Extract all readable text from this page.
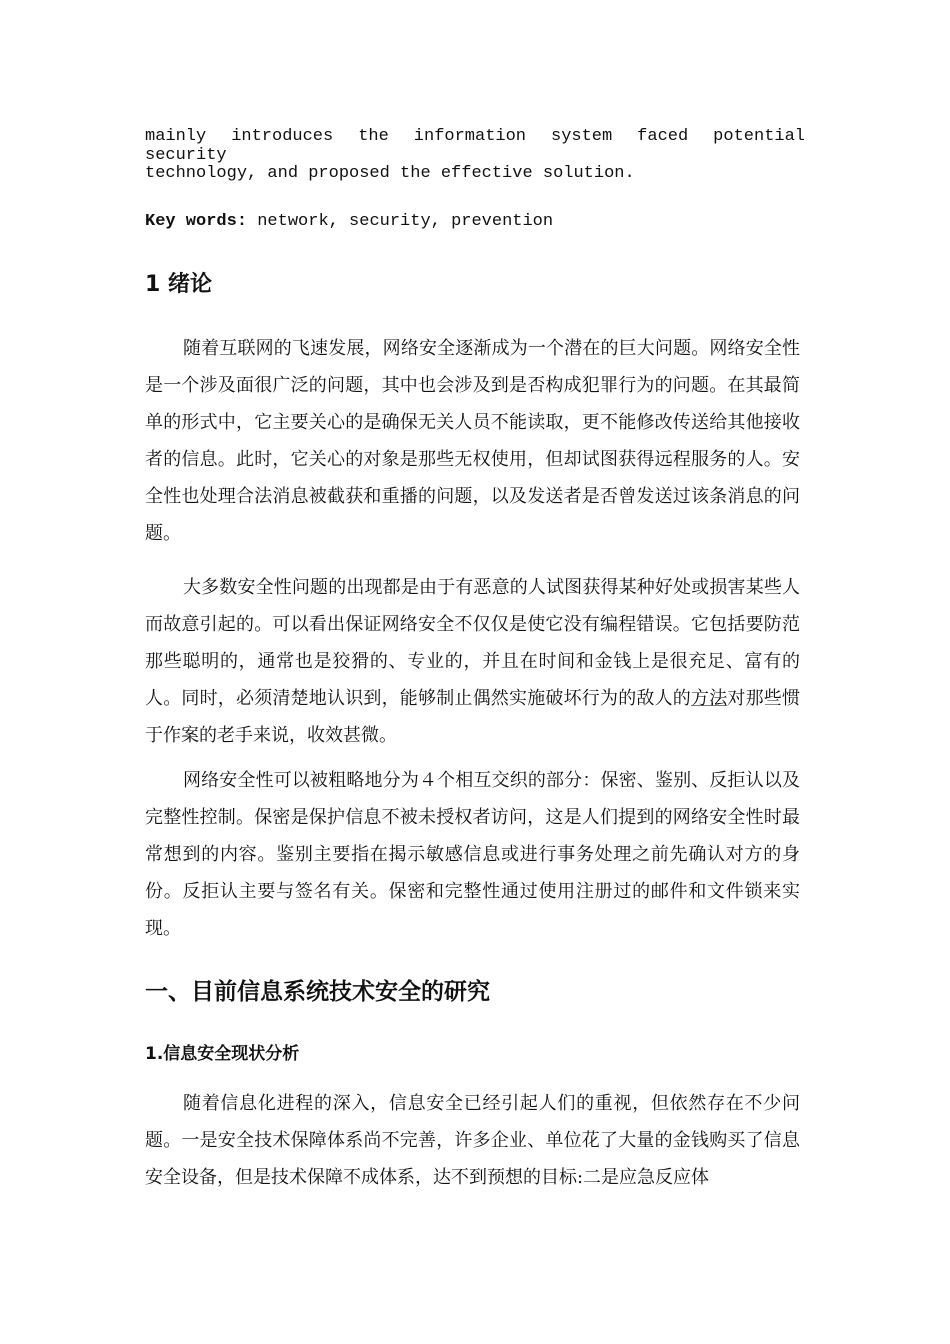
mainly introduces the information system faced potential security

technology, and proposed the effective solution.

Key words: network, security, prevention

1 绪论

随着互联网的飞速发展，网络安全逐渐成为一个潜在的巨大问题。网络安全性是一个涉及面很广泛的问题，其中也会涉及到是否构成犯罪行为的问题。在其最简单的形式中，它主要关心的是确保无关人员不能读取，更不能修改传送给其他接收者的信息。此时，它关心的对象是那些无权使用，但却试图获得远程服务的人。安全性也处理合法消息被截获和重播的问题，以及发送者是否曾发送过该条消息的问题。

大多数安全性问题的出现都是由于有恶意的人试图获得某种好处或损害某些人而故意引起的。可以看出保证网络安全不仅仅是使它没有编程错误。它包括要防范那些聪明的，通常也是狡猾的、专业的，并且在时间和金钱上是很充足、富有的人。同时，必须清楚地认识到，能够制止偶然实施破坏行为的敌人的方法对那些惯于作案的老手来说，收效甚微。

网络安全性可以被粗略地分为４个相互交织的部分：保密、鉴别、反拒认以及完整性控制。保密是保护信息不被未授权者访问，这是人们提到的网络安全性时最常想到的内容。鉴别主要指在揭示敏感信息或进行事务处理之前先确认对方的身份。反拒认主要与签名有关。保密和完整性通过使用注册过的邮件和文件锁来实现。

一、目前信息系统技术安全的研究
1.信息安全现状分析

随着信息化进程的深入，信息安全已经引起人们的重视，但依然存在不少问题。一是安全技术保障体系尚不完善，许多企业、单位花了大量的金钱购买了信息安全设备，但是技术保障不成体系，达不到预想的目标:二是应急反应体
